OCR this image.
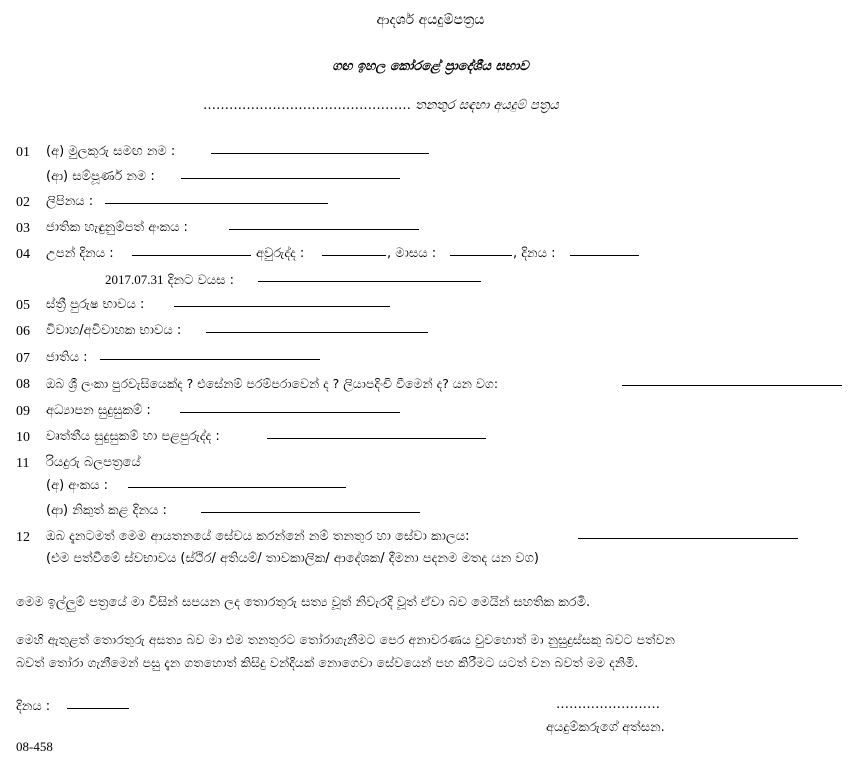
ආදර්ශ අයදුම්පත්‍රය
ගඟ ඉහල කෝරළේ ප්‍රාදේශීය සභාව
………………………………………… තනතුර සඳහා අයදුම් පත්‍රය
01 (අ) මුලකුරු සමඟ නම :
(ආ) සම්පූර්ණ නම :
02 ලිපිනය :
03 ජාතික හැඳුනුම්පත් අංකය :
04 උපන් දිනය :	අවුරුද්ද :	, මාසය :	, දිනය :
2017.07.31 දිනට වයස :
05 ස්ත්‍රී පුරුෂ භාවය :
06 විවාහ/අවිවාහක භාවය :
07 ජාතිය :
08 ඔබ ශ්‍රී ලංකා පුරවැසියෙක්ද ? එසේනම් පරම්පරාවෙන් ද ? ලියාපදිංචි වීමෙන් ද? යන වග:
09 අධ්‍යාපන සුදුසුකම් :
10 වෘත්තීය සුදුසුකම් හා පළපුරුද්ද :
11 රියදුරු බලපත්‍රයේ
(අ) අංකය :
(ආ) නිකුත් කළ දිනය :
12 ඔබ දැනටමත් මෙම ආයතනයේ සේවය කරන්නේ නම් තනතුර හා සේවා කාලය:
(එම පත්වීමේ ස්වභාවය (ස්ථිර/ අතියම්/ තාවකාලික/ ආදේශක/ දීමනා පදනම මතද යන වග)
මෙම ඉල්ලුම් පත්‍රයේ මා විසින් සපයන ලද තොරතුරු සත්‍ය වූත් නිවැරදි වූත් ඒවා බව මෙයින් සහතික කරමි.
මෙහි ඇතුළත් තොරතුරු අසත්‍ය බව මා එම තනතුරට තෝරාගැනීමට පෙර අනාවරණය වුවහොත් මා නුසුදුස්සකු බවට පත්වන
බවත් තෝරා ගැනීමෙන් පසු දැන ගතහොත් කිසිදු වන්දියක් නොගෙවා සේවයෙන් පහ කිරීමට යටත් වන බවත් මම දනිමි.
දිනය :	……………………
අයදුම්කරුගේ අත්සන.
08-458
